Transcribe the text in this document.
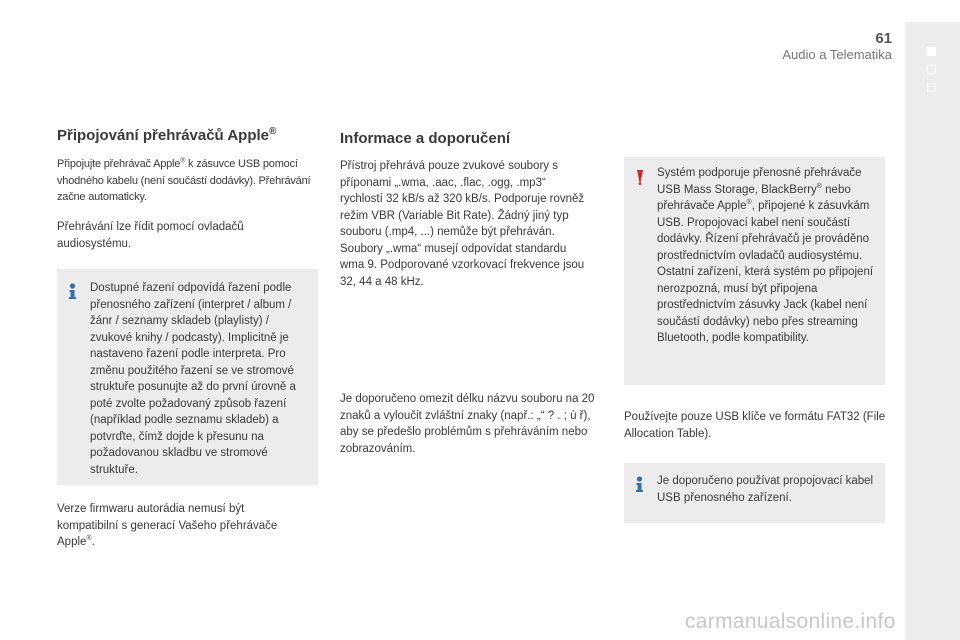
61
Audio a Telematika
Připojování přehrávačů Apple®

Připojujte přehrávač Apple® k zásuvce USB pomocí vhodného kabelu (není součástí dodávky). Přehrávání začne automaticky.

Přehrávání lze řídit pomocí ovladačů audiosystému.

Dostupné řazení odpovídá řazení podle přenosného zařízení (interpret / album / žánr / seznamy skladeb (playlisty) / zvukové knihy / podcasty). Implicitně je nastaveno řazení podle interpreta. Pro změnu použitého řazení se ve stromové struktuře posunujte až do první úrovně a poté zvolte požadovaný způsob řazení (například podle seznamu skladeb) a potvrďte, čímž dojde k přesunu na požadovanou skladbu ve stromové struktuře.

Verze firmwaru autorádia nemusí být kompatibilní s generací Vašeho přehrávače Apple®.

Informace a doporučení

Přístroj přehrává pouze zvukové soubory s příponami „.wma, .aac, .flac, .ogg, .mp3“ rychlostí 32 kB/s až 320 kB/s. Podporuje rovněž režim VBR (Variable Bit Rate). Žádný jiný typ souboru (.mp4, ...) nemůže být přehráván. Soubory „.wma“ musejí odpovídat standardu wma 9. Podporované vzorkovací frekvence jsou 32, 44 a 48 kHz.

Je doporučeno omezit délku názvu souboru na 20 znaků a vyloučit zvláštní znaky (např.: „“ ? . ; ù ř), aby se předešlo problémům s přehráváním nebo zobrazováním.

Systém podporuje přenosné přehrávače USB Mass Storage, BlackBerry® nebo přehrávače Apple®, připojené k zásuvkám USB. Propojovací kabel není součástí dodávky. Řízení přehrávačů je prováděno prostřednictvím ovladačů audiosystému. Ostatní zařízení, která systém po připojení nerozpozná, musí být připojena prostřednictvím zásuvky Jack (kabel není součástí dodávky) nebo přes streaming Bluetooth, podle kompatibility.

Používejte pouze USB klíče ve formátu FAT32 (File Allocation Table).

Je doporučeno používat propojovací kabel USB přenosného zařízení.

carmanualsonline.info
